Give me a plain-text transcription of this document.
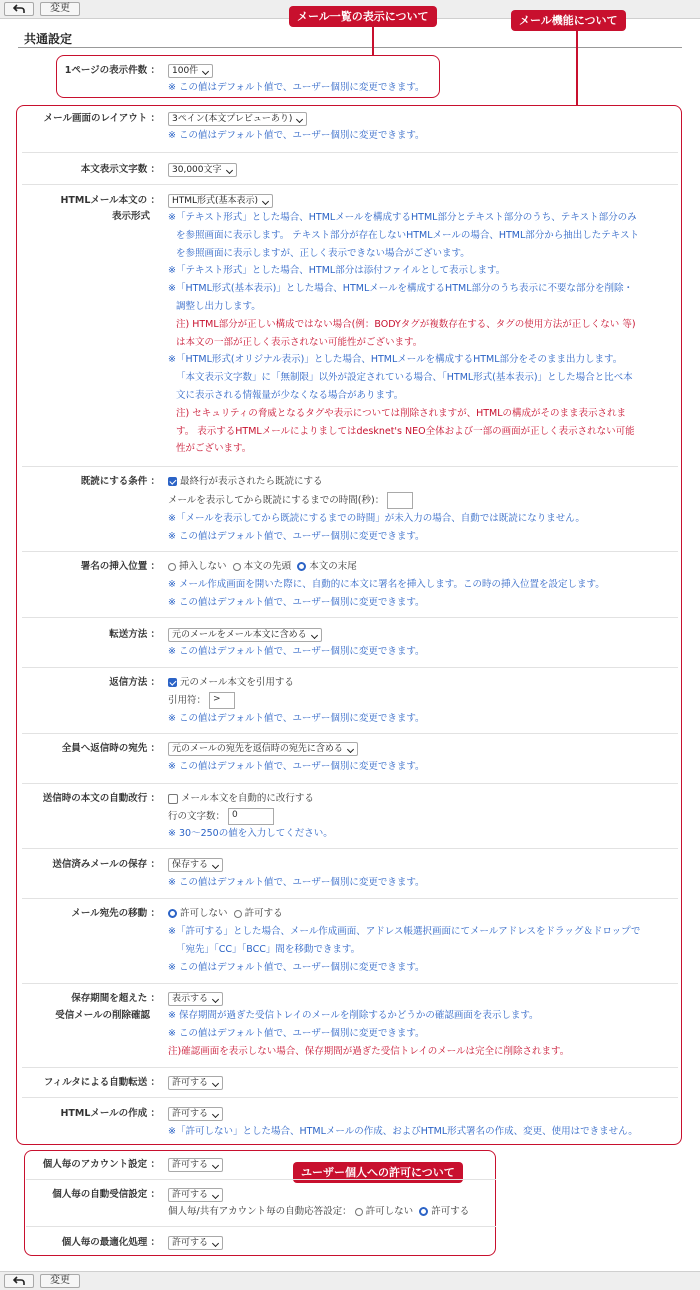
変更
共通設定
メール一覧の表示について	メール機能について
ユーザー個人への許可について
1ページの表示件数 ：	100件
※ この値はデフォルト値で、ユーザー個別に変更できます。
メール画面のレイアウト ：	3ペイン(本文プレビューあり)
※ この値はデフォルト値で、ユーザー個別に変更できます。
本文表示文字数 ：	30,000文字
HTMLメール本文の ：
表示形式
HTML形式(基本表示)
※「テキスト形式」とした場合、HTMLメールを構成するHTML部分とテキスト部分のうち、テキスト部分のみ
を参照画面に表示します。 テキスト部分が存在しないHTMLメールの場合、HTML部分から抽出したテキスト
を参照画面に表示しますが、正しく表示できない場合がございます。
※「テキスト形式」とした場合、HTML部分は添付ファイルとして表示します。
※「HTML形式(基本表示)」とした場合、HTMLメールを構成するHTML部分のうち表示に不要な部分を削除・
調整し出力します。
注) HTML部分が正しい構成ではない場合(例：BODYタグが複数存在する、タグの使用方法が正しくない 等)
は本文の一部が正しく表示されない可能性がございます。
※「HTML形式(オリジナル表示)」とした場合、HTMLメールを構成するHTML部分をそのまま出力します。
「本文表示文字数」に「無制限」以外が設定されている場合、「HTML形式(基本表示)」とした場合と比べ本
文に表示される情報量が少なくなる場合があります。
注) セキュリティの脅威となるタグや表示については削除されますが、HTMLの構成がそのまま表示されま
す。 表示するHTMLメールによりましてはdesknet's NEO全体および一部の画面が正しく表示されない可能
性がございます。
既読にする条件 ：	最終行が表示されたら既読にする
メールを表示してから既読にするまでの時間(秒)：
※「メールを表示してから既読にするまでの時間」が未入力の場合、自動では既読になりません。
※ この値はデフォルト値で、ユーザー個別に変更できます。
署名の挿入位置 ：	挿入しない 本文の先頭 本文の末尾
※ メール作成画面を開いた際に、自動的に本文に署名を挿入します。この時の挿入位置を設定します。
※ この値はデフォルト値で、ユーザー個別に変更できます。
転送方法 ：	元のメールをメール本文に含める
※ この値はデフォルト値で、ユーザー個別に変更できます。
返信方法 ：	元のメール本文を引用する
引用符： >
※ この値はデフォルト値で、ユーザー個別に変更できます。
全員へ返信時の宛先 ：	元のメールの宛先を返信時の宛先に含める
※ この値はデフォルト値で、ユーザー個別に変更できます。
送信時の本文の自動改行 ：	メール本文を自動的に改行する
行の文字数： 0
※ 30～250の値を入力してください。
送信済みメールの保存 ：	保存する
※ この値はデフォルト値で、ユーザー個別に変更できます。
メール宛先の移動 ：	許可しない 許可する
※「許可する」とした場合、メール作成画面、アドレス帳選択画面にてメールアドレスをドラッグ＆ドロップで
「宛先」「CC」「BCC」間を移動できます。
※ この値はデフォルト値で、ユーザー個別に変更できます。
保存期間を超えた ：
受信メールの削除確認
表示する
※ 保存期間が過ぎた受信トレイのメールを削除するかどうかの確認画面を表示します。
※ この値はデフォルト値で、ユーザー個別に変更できます。
注)確認画面を表示しない場合、保存期間が過ぎた受信トレイのメールは完全に削除されます。
フィルタによる自動転送 ：	許可する
HTMLメールの作成 ：	許可する
※「許可しない」とした場合、HTMLメールの作成、およびHTML形式署名の作成、変更、使用はできません。
個人毎のアカウント設定 ：	許可する
個人毎の自動受信設定 ：	許可する
個人毎/共有アカウント毎の自動応答設定： 許可しない 許可する
個人毎の最適化処理 ：	許可する
変更
